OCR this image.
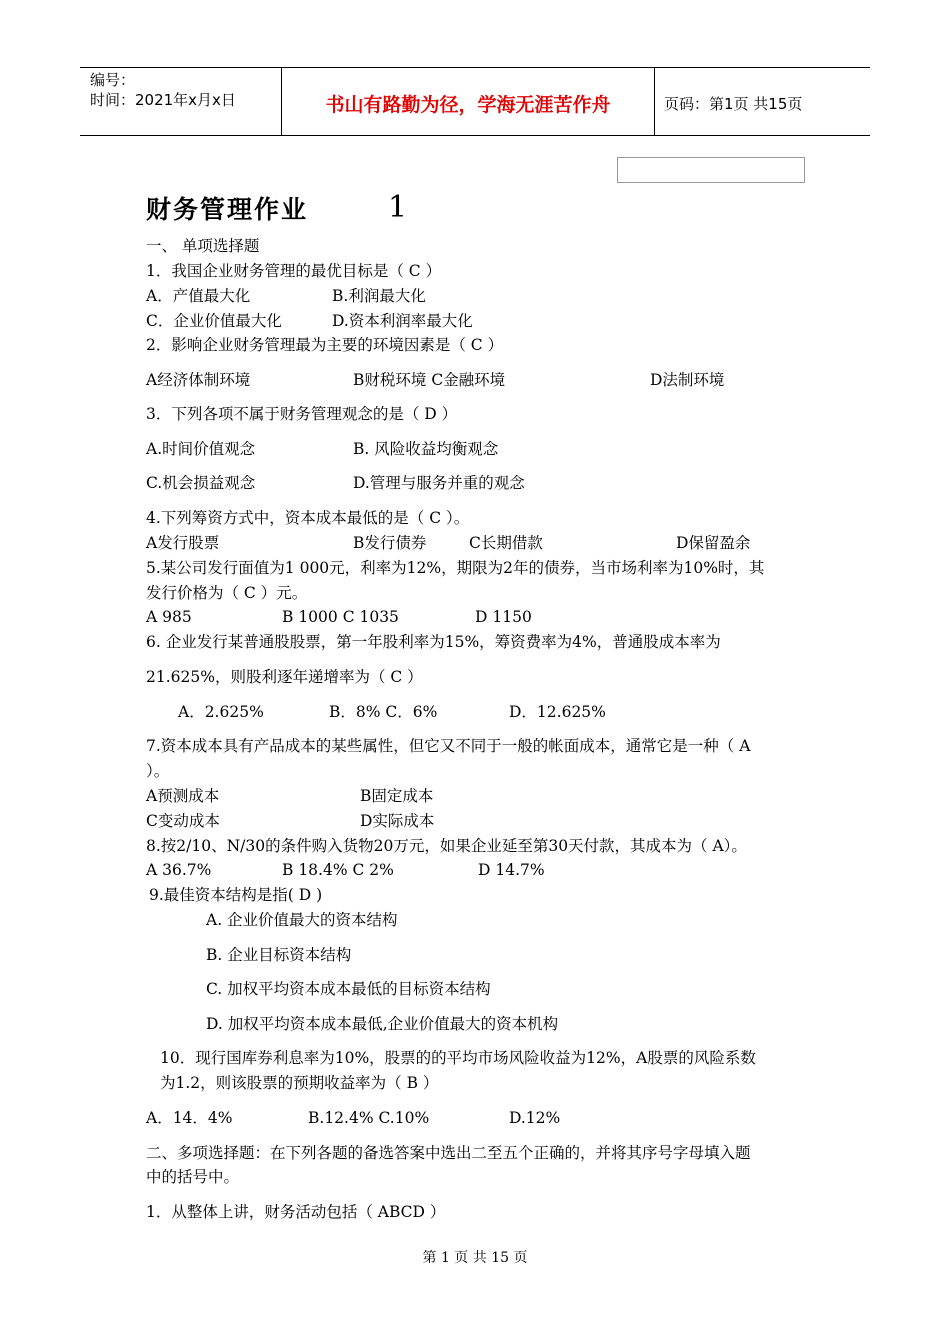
编号：
时间：2021年x月x日	书山有路勤为径，学海无涯苦作舟	页码：第1页 共15页
财务管理作业	1
一、 单项选择题
1．我国企业财务管理的最优目标是（ C ）
A．产值最大化	B.利润最大化
C．企业价值最大化	D.资本利润率最大化
2．影响企业财务管理最为主要的环境因素是（ C ）
A经济体制环境	B财税环境 C金融环境	D法制环境
3．下列各项不属于财务管理观念的是（ D ）
A.时间价值观念	B. 风险收益均衡观念
C.机会损益观念	D.管理与服务并重的观念
4.下列筹资方式中，资本成本最低的是（ C ）。
A发行股票	B发行债券	C长期借款	D保留盈余
5.某公司发行面值为1 000元，利率为12%，期限为2年的债券，当市场利率为10%时，其
发行价格为（ C ）元。
A 985	B 1000 C 1035	D 1150
6. 企业发行某普通股股票，第一年股利率为15%，筹资费率为4%，普通股成本率为
21.625%，则股利逐年递增率为（ C ）
A．2.625%	B．8% C．6%	D．12.625%
7.资本成本具有产品成本的某些属性，但它又不同于一般的帐面成本，通常它是一种（ A
）。
A预测成本	B固定成本
C变动成本	D实际成本
8.按2/10、N/30的条件购入货物20万元，如果企业延至第30天付款，其成本为（ A）。
A 36.7%	B 18.4% C 2%	D 14.7%
9.最佳资本结构是指( D )
A. 企业价值最大的资本结构
B. 企业目标资本结构
C. 加权平均资本成本最低的目标资本结构
D. 加权平均资本成本最低,企业价值最大的资本机构
10．现行国库券利息率为10%，股票的的平均市场风险收益为12%，A股票的风险系数
为1.2，则该股票的预期收益率为（ B ）
A．14．4%	B.12.4% C.10%	D.12%
二、多项选择题：在下列各题的备选答案中选出二至五个正确的，并将其序号字母填入题
中的括号中。
1．从整体上讲，财务活动包括（ ABCD ）
第 1 页 共 15 页
